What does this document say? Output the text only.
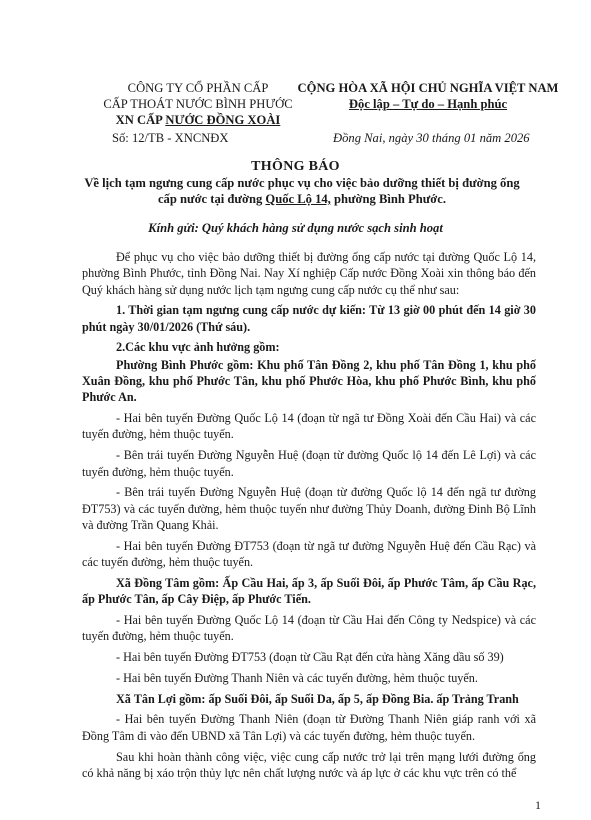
CÔNG TY CỔ PHẦN CẤP
CẤP THOÁT NƯỚC BÌNH PHƯỚC
XN CẤP NƯỚC ĐỒNG XOÀI
CỘNG HÒA XÃ HỘI CHỦ NGHĨA VIỆT NAM
Độc lập – Tự do – Hạnh phúc
Số: 12/TB - XNCNĐX	Đồng Nai, ngày 30 tháng 01 năm 2026
THÔNG BÁO
Về lịch tạm ngưng cung cấp nước phục vụ cho việc bảo dưỡng thiết bị đường ống
cấp nước tại đường Quốc Lộ 14, phường Bình Phước.
Kính gửi: Quý khách hàng sử dụng nước sạch sinh hoạt

Để phục vụ cho việc bảo dưỡng thiết bị đường ống cấp nước tại đường Quốc Lộ 14, phường Bình Phước, tỉnh Đồng Nai. Nay Xí nghiệp Cấp nước Đồng Xoài xin thông báo đến Quý khách hàng sử dụng nước lịch tạm ngưng cung cấp nước cụ thể như sau:

1. Thời gian tạm ngưng cung cấp nước dự kiến: Từ 13 giờ 00 phút đến 14 giờ 30 phút ngày 30/01/2026 (Thứ sáu).

2.Các khu vực ảnh hưởng gồm:

Phường Bình Phước gồm: Khu phố Tân Đồng 2, khu phố Tân Đồng 1, khu phố Xuân Đồng, khu phố Phước Tân, khu phố Phước Hòa, khu phố Phước Bình, khu phố Phước An.

- Hai bên tuyến Đường Quốc Lộ 14 (đoạn từ ngã tư Đồng Xoài đến Cầu Hai) và các tuyến đường, hẻm thuộc tuyến.

- Bên trái tuyến Đường Nguyễn Huệ (đoạn từ đường Quốc lộ 14 đến Lê Lợi) và các tuyến đường, hẻm thuộc tuyến.

- Bên trái tuyến Đường Nguyễn Huệ (đoạn từ đường Quốc lộ 14 đến ngã tư đường ĐT753) và các tuyến đường, hẻm thuộc tuyến như đường Thủy Doanh, đường Đinh Bộ Lĩnh và đường Trần Quang Khải.

- Hai bên tuyến Đường ĐT753 (đoạn từ ngã tư đường Nguyễn Huệ đến Cầu Rạc) và các tuyến đường, hẻm thuộc tuyến.

Xã Đồng Tâm gồm: Ấp Cầu Hai, ấp 3, ấp Suối Đôi, ấp Phước Tâm, ấp Cầu Rạc, ấp Phước Tân, ấp Cây Điệp, ấp Phước Tiến.

- Hai bên tuyến Đường Quốc Lộ 14 (đoạn từ Cầu Hai đến Công ty Nedspice) và các tuyến đường, hẻm thuộc tuyến.

- Hai bên tuyến Đường ĐT753 (đoạn từ Cầu Rạt đến cửa hàng Xăng dầu số 39)

- Hai bên tuyến Đường Thanh Niên và các tuyến đường, hẻm thuộc tuyến.

Xã Tân Lợi gồm: ấp Suối Đôi, ấp Suối Da, ấp 5, ấp Đồng Bia. ấp Trảng Tranh

- Hai bên tuyến Đường Thanh Niên (đoạn từ Đường Thanh Niên giáp ranh với xã Đồng Tâm đi vào đến UBND xã Tân Lợi) và các tuyến đường, hẻm thuộc tuyến.

Sau khi hoàn thành công việc, việc cung cấp nước trở lại trên mạng lưới đường ống có khả năng bị xáo trộn thủy lực nên chất lượng nước và áp lực ở các khu vực trên có thể

1
